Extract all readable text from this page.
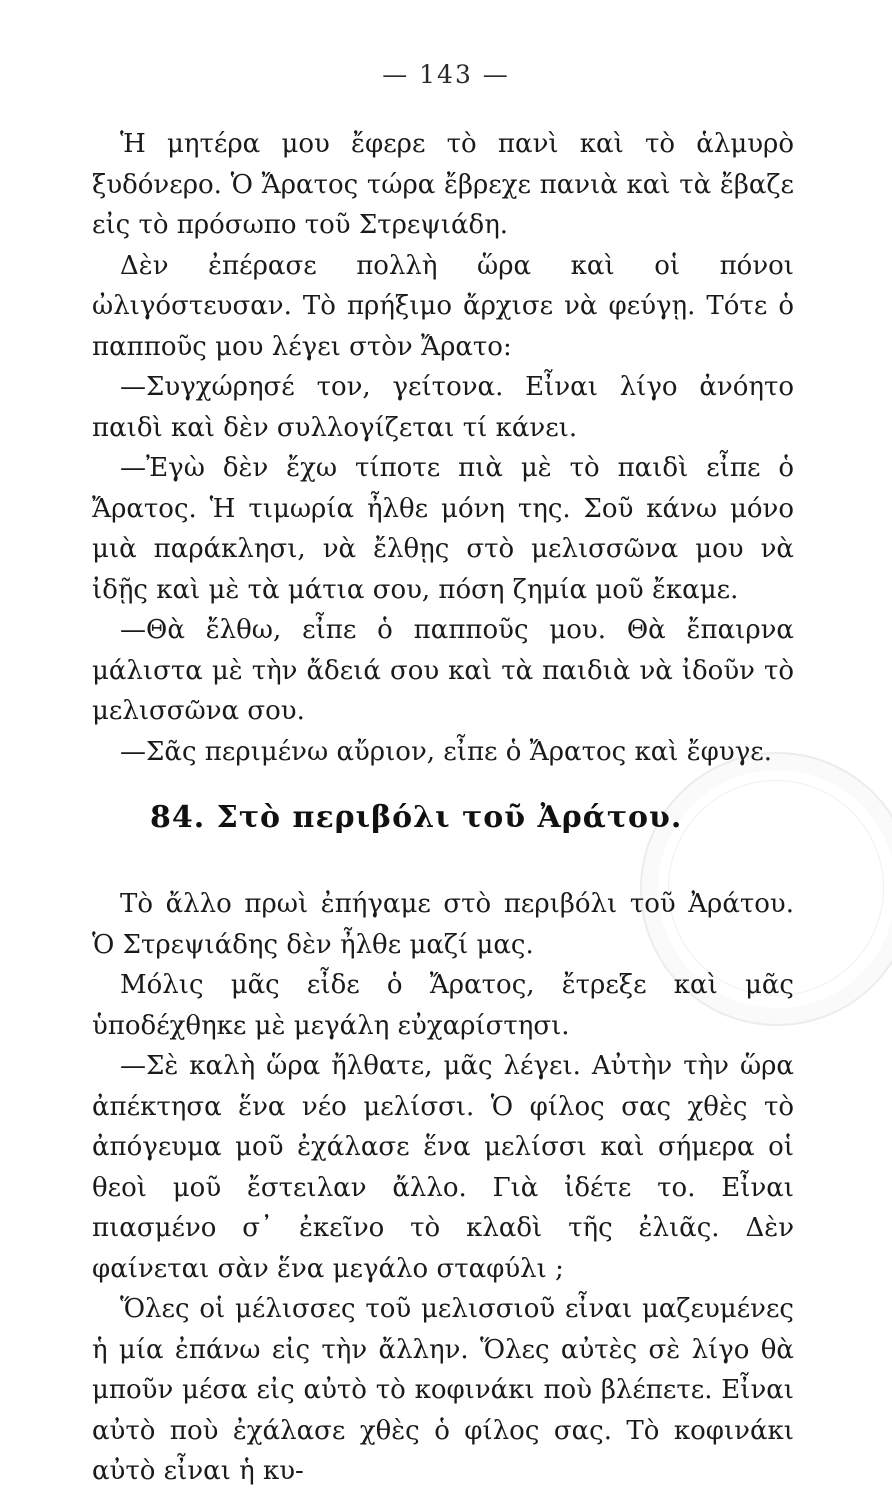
— 143 —

Ἡ μητέρα μου ἔφερε τὸ πανὶ καὶ τὸ ἁλμυρὸ ξυδόνερο. Ὁ Ἄρατος τώρα ἔβρεχε πανιὰ καὶ τὰ ἔβαζε εἰς τὸ πρόσωπο τοῦ Στρεψιάδη.

Δὲν ἐπέρασε πολλὴ ὥρα καὶ οἱ πόνοι ὠλιγόστευσαν. Τὸ πρήξιμο ἄρχισε νὰ φεύγῃ. Τότε ὁ παπποῦς μου λέγει στὸν Ἄρατο:

—Συγχώρησέ τον, γείτονα. Εἶναι λίγο ἀνόητο παιδὶ καὶ δὲν συλλογίζεται τί κάνει.

—Ἐγὼ δὲν ἔχω τίποτε πιὰ μὲ τὸ παιδὶ εἶπε ὁ Ἄρατος. Ἡ τιμωρία ἦλθε μόνη της. Σοῦ κάνω μόνο μιὰ παράκλησι, νὰ ἔλθῃς στὸ μελισσῶνα μου νὰ ἰδῇς καὶ μὲ τὰ μάτια σου, πόση ζημία μοῦ ἔκαμε.

—Θὰ ἔλθω, εἶπε ὁ παπποῦς μου. Θὰ ἔπαιρνα μάλιστα μὲ τὴν ἄδειά σου καὶ τὰ παιδιὰ νὰ ἰδοῦν τὸ μελισσῶνα σου.

—Σᾶς περιμένω αὔριον, εἶπε ὁ Ἄρατος καὶ ἔφυγε.

84. Στὸ περιβόλι τοῦ Ἀράτου.

Τὸ ἄλλο πρωὶ ἐπήγαμε στὸ περιβόλι τοῦ Ἀράτου. Ὁ Στρεψιάδης δὲν ἦλθε μαζί μας.

Μόλις μᾶς εἶδε ὁ Ἄρατος, ἔτρεξε καὶ μᾶς ὑποδέχθηκε μὲ μεγάλη εὐχαρίστησι.

—Σὲ καλὴ ὥρα ἤλθατε, μᾶς λέγει. Αὐτὴν τὴν ὥρα ἀπέκτησα ἕνα νέο μελίσσι. Ὁ φίλος σας χθὲς τὸ ἀπόγευμα μοῦ ἐχάλασε ἕνα μελίσσι καὶ σήμερα οἱ θεοὶ μοῦ ἔστειλαν ἄλλο. Γιὰ ἰδέτε το. Εἶναι πιασμένο σ᾿ ἐκεῖνο τὸ κλαδὶ τῆς ἐλιᾶς. Δὲν φαίνεται σὰν ἕνα μεγάλο σταφύλι ;

Ὅλες οἱ μέλισσες τοῦ μελισσιοῦ εἶναι μαζευμένες ἡ μία ἐπάνω εἰς τὴν ἄλλην. Ὅλες αὐτὲς σὲ λίγο θὰ μποῦν μέσα εἰς αὐτὸ τὸ κοφινάκι ποὺ βλέπετε. Εἶναι αὐτὸ ποὺ ἐχάλασε χθὲς ὁ φίλος σας. Τὸ κοφινάκι αὐτὸ εἶναι ἡ κυ-
